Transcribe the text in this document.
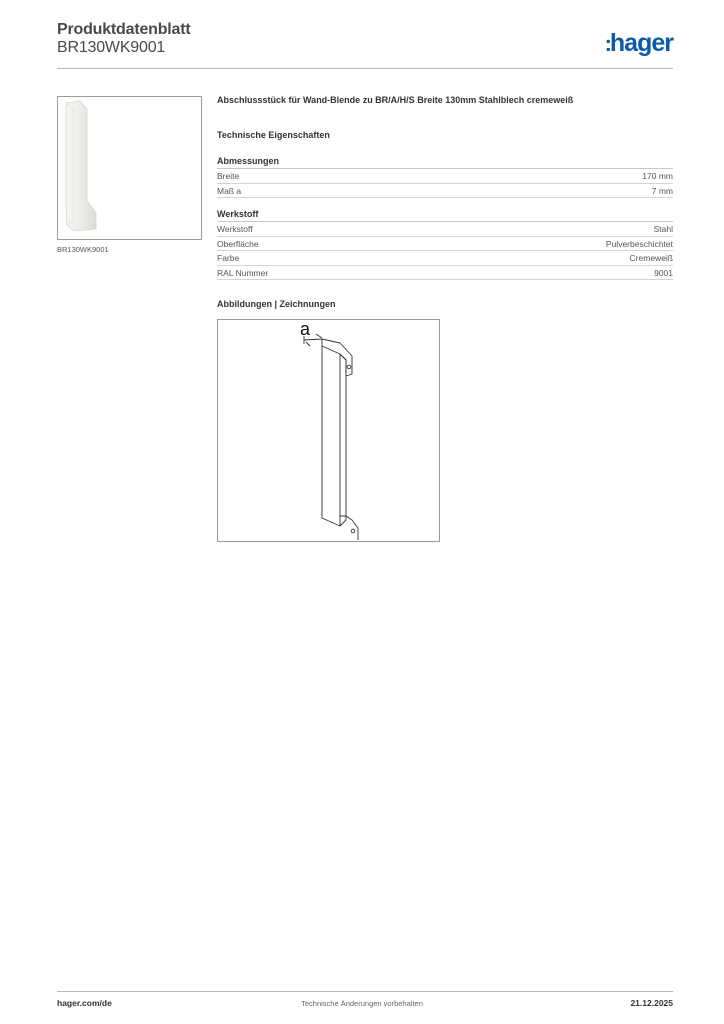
Produktdatenblatt
BR130WK9001	:hager
BR130WK9001
Abschlussstück für Wand-Blende zu BR/A/H/S Breite 130mm Stahlblech cremeweiß
Technische Eigenschaften
Abmessungen
Breite	170 mm
Maß a	7 mm
Werkstoff
Werkstoff	Stahl
Oberfläche	Pulverbeschichtet
Farbe	Cremeweiß
RAL Nummer	9001
Abbildungen | Zeichnungen
a
hager.com/de	Technische Änderungen vorbehalten	21.12.2025
